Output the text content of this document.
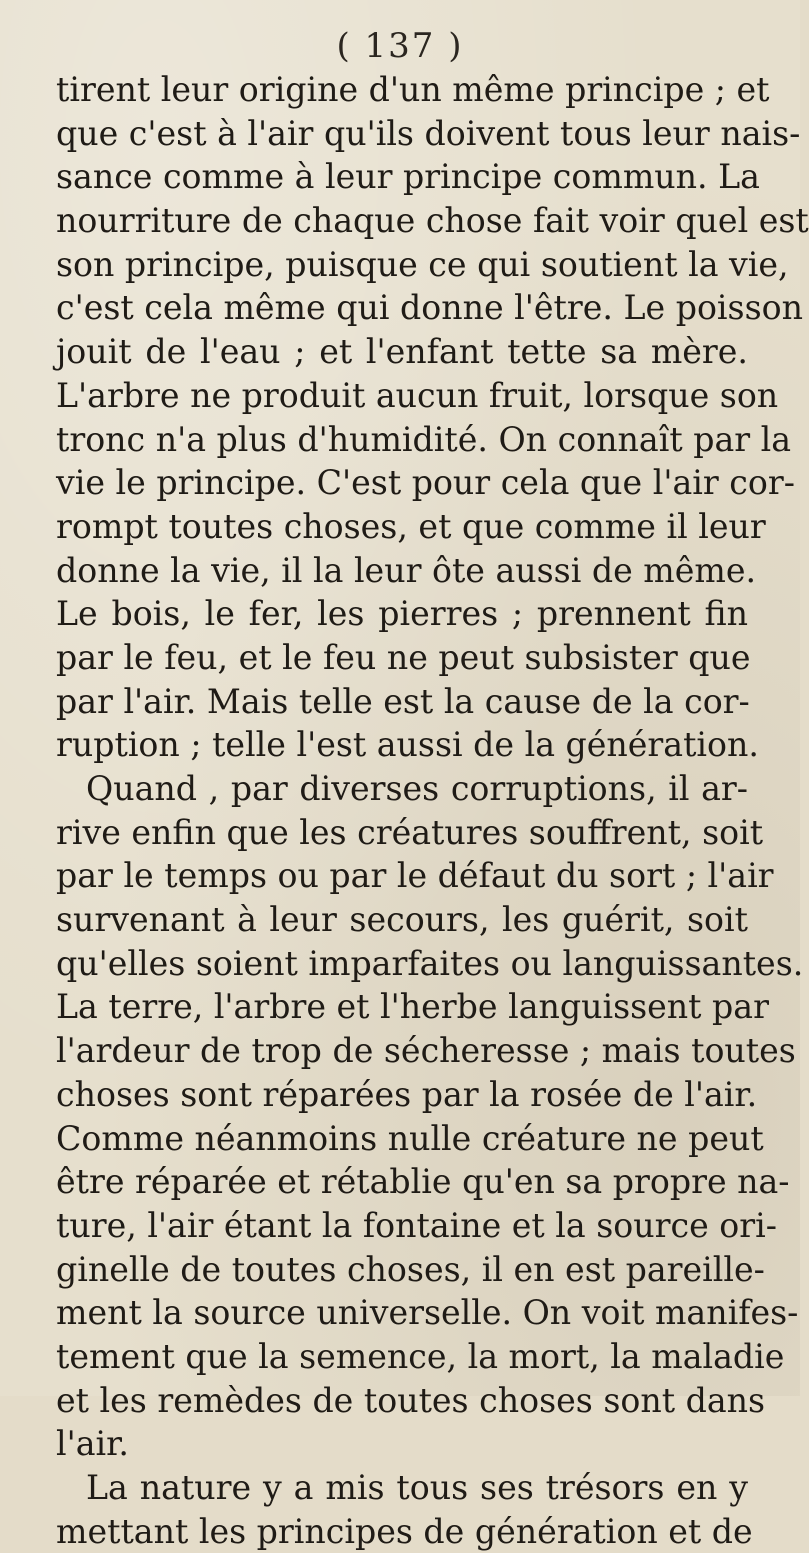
( 137 )
tirent leur origine d'un même principe ; et
que c'est à l'air qu'ils doivent tous leur nais-
sance comme à leur principe commun. La
nourriture de chaque chose fait voir quel est
son principe, puisque ce qui soutient la vie,
c'est cela même qui donne l'être. Le poisson
jouit de l'eau ; et l'enfant tette sa mère.
L'arbre ne produit aucun fruit, lorsque son
tronc n'a plus d'humidité. On connaît par la
vie le principe. C'est pour cela que l'air cor-
rompt toutes choses, et que comme il leur
donne la vie, il la leur ôte aussi de même.
Le bois, le fer, les pierres ; prennent fin
par le feu, et le feu ne peut subsister que
par l'air. Mais telle est la cause de la cor-
ruption ; telle l'est aussi de la génération.
Quand , par diverses corruptions, il ar-
rive enfin que les créatures souffrent, soit
par le temps ou par le défaut du sort ; l'air
survenant à leur secours, les guérit, soit
qu'elles soient imparfaites ou languissantes.
La terre, l'arbre et l'herbe languissent par
l'ardeur de trop de sécheresse ; mais toutes
choses sont réparées par la rosée de l'air.
Comme néanmoins nulle créature ne peut
être réparée et rétablie qu'en sa propre na-
ture, l'air étant la fontaine et la source ori-
ginelle de toutes choses, il en est pareille-
ment la source universelle. On voit manifes-
tement que la semence, la mort, la maladie
et les remèdes de toutes choses sont dans
l'air.
La nature y a mis tous ses trésors en y
mettant les principes de génération et de
